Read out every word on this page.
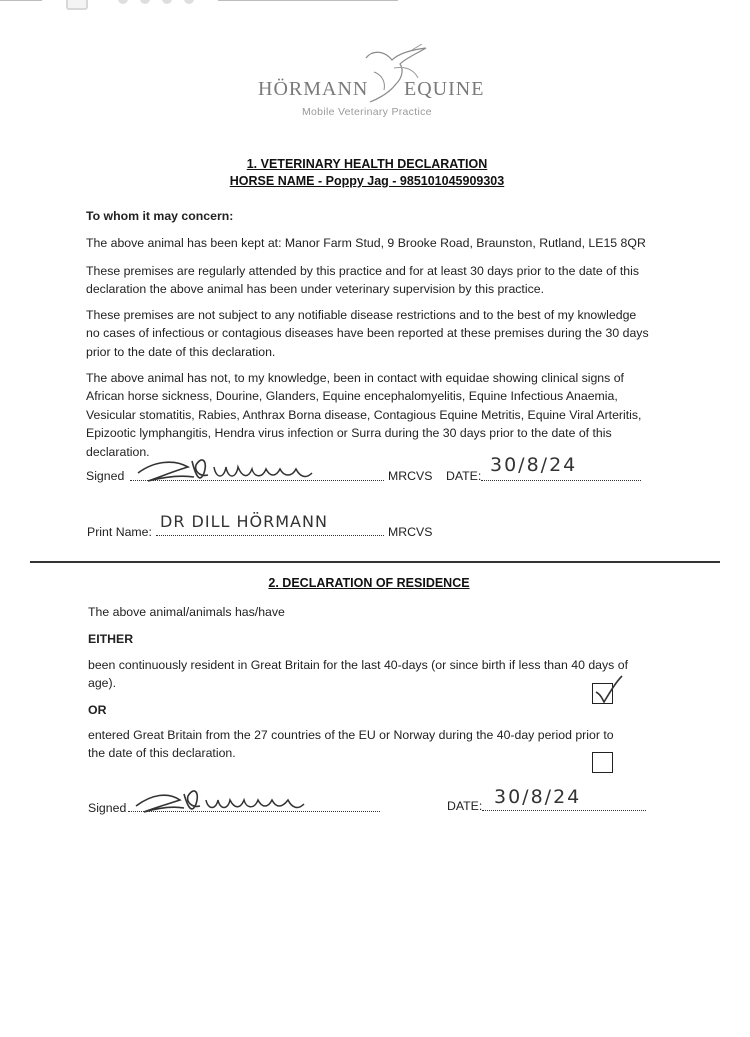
HÖRMANN EQUINE
Mobile Veterinary Practice
1. VETERINARY HEALTH DECLARATION
HORSE NAME - Poppy Jag - 985101045909303
To whom it may concern:
The above animal has been kept at: Manor Farm Stud, 9 Brooke Road, Braunston, Rutland, LE15 8QR
These premises are regularly attended by this practice and for at least 30 days prior to the date of this
declaration the above animal has been under veterinary supervision by this practice.
These premises are not subject to any notifiable disease restrictions and to the best of my knowledge
no cases of infectious or contagious diseases have been reported at these premises during the 30 days
prior to the date of this declaration.
The above animal has not, to my knowledge, been in contact with equidae showing clinical signs of
African horse sickness, Dourine, Glanders, Equine encephalomyelitis, Equine Infectious Anaemia,
Vesicular stomatitis, Rabies, Anthrax Borna disease, Contagious Equine Metritis, Equine Viral Arteritis,
Epizootic lymphangitis, Hendra virus infection or Surra during the 30 days prior to the date of this
declaration.
Signed	MRCVS DATE: 30/8/24
Print Name:
DR DILL HÖRMANN
MRCVS
2. DECLARATION OF RESIDENCE
The above animal/animals has/have
EITHER
been continuously resident in Great Britain for the last 40-days (or since birth if less than 40 days of
age).
OR
entered Great Britain from the 27 countries of the EU or Norway during the 40-day period prior to
the date of this declaration.
Signed	DATE: 30/8/24
